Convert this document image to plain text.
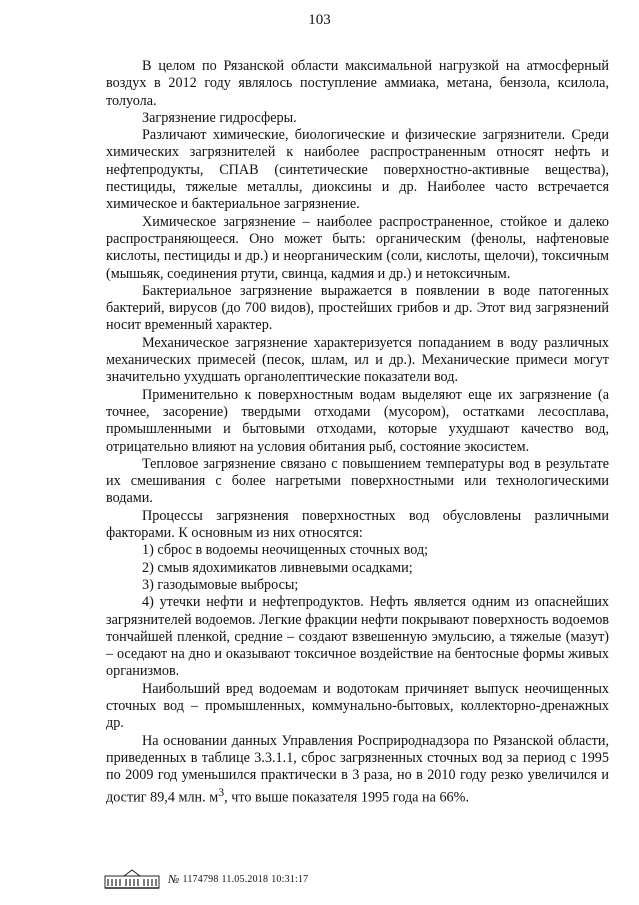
103

В целом по Рязанской области максимальной нагрузкой на атмосферный воздух в 2012 году являлось поступление аммиака, метана, бензола, ксилола, толуола.

Загрязнение гидросферы.

Различают химические, биологические и физические загрязнители. Среди химических загрязнителей к наиболее распространенным относят нефть и нефтепродукты, СПАВ (синтетические поверхностно-активные вещества), пестициды, тяжелые металлы, диоксины и др. Наиболее часто встречается химическое и бактериальное загрязнение.

Химическое загрязнение – наиболее распространенное, стойкое и далеко распространяющееся. Оно может быть: органическим (фенолы, нафтеновые кислоты, пестициды и др.) и неорганическим (соли, кислоты, щелочи), токсичным (мышьяк, соединения ртути, свинца, кадмия и др.) и нетоксичным.

Бактериальное загрязнение выражается в появлении в воде патогенных бактерий, вирусов (до 700 видов), простейших грибов и др. Этот вид загрязнений носит временный характер.

Механическое загрязнение характеризуется попаданием в воду различных механических примесей (песок, шлам, ил и др.). Механические примеси могут значительно ухудшать органолептические показатели вод.

Применительно к поверхностным водам выделяют еще их загрязнение (а точнее, засорение) твердыми отходами (мусором), остатками лесосплава, промышленными и бытовыми отходами, которые ухудшают качество вод, отрицательно влияют на условия обитания рыб, состояние экосистем.

Тепловое загрязнение связано с повышением температуры вод в результате их смешивания с более нагретыми поверхностными или технологическими водами.

Процессы загрязнения поверхностных вод обусловлены различными факторами. К основным из них относятся:

1) сброс в водоемы неочищенных сточных вод;

2) смыв ядохимикатов ливневыми осадками;

3) газодымовые выбросы;

4) утечки нефти и нефтепродуктов. Нефть является одним из опаснейших загрязнителей водоемов. Легкие фракции нефти покрывают поверхность водоемов тончайшей пленкой, средние – создают взвешенную эмульсию, а тяжелые (мазут) – оседают на дно и оказывают токсичное воздействие на бентосные формы живых организмов.

Наибольший вред водоемам и водотокам причиняет выпуск неочищенных сточных вод – промышленных, коммунально-бытовых, коллекторно-дренажных др.

На основании данных Управления Росприроднадзора по Рязанской области, приведенных в таблице 3.3.1.1, сброс загрязненных сточных вод за период с 1995 по 2009 год уменьшился практически в 3 раза, но в 2010 году резко увеличился и достиг 89,4 млн. $м^3$, что выше показателя 1995 года на 66%.

№ 1174798 11.05.2018 10:31:17
